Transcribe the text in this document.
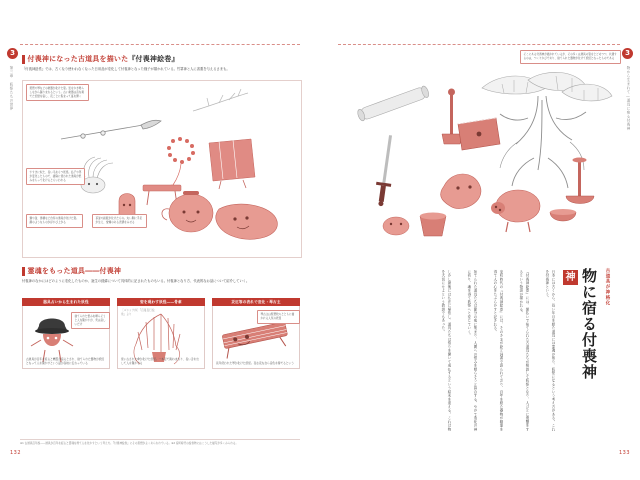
3
第三章 妖怪たちの世界
132
付喪神になった古道具を描いた『付喪神絵巻』
『付喪神絵巻』では、古くなり使われなくなった日用品が変化して付喪神となった様子が描かれている。竹箒神と人に害悪を与えるさまも。
琵琶や琴などの楽器が化けた姿。弦をかき鳴らしながら踊りまわるという。古い楽器は音を奏でた記憶を宿し、夜ごとに集まって宴を開く
すすきに似た、長い毛をもつ妖怪。払子や箒が変化したもので、掃除に使われた道具が恨みをもって化けるともいわれる
鍋や釜、湯桶など台所の道具が化けた姿。顔のようなものが浮かび上がる
茶釜や鉄瓶が化けたもの。丸い胴に手足が生え、愛嬌のある表情をみせる
霊魂をもった道具――付喪神
付喪神のなかにはどのように変化したものか、誕生の経緯について具体的に記されたものもいる。付喪神となり方、代表的なお話について紹介していく。
器具占いから生まれた妖怪
捨てられた恨みを晴らそうと人を驚かすが、実は寂しいだけ
古道具が百年を経ると精霊が宿るとされ、捨てられた器物が妖怪となって人を驚かすという話が各地に伝わっている
姿を現わす妖怪――骨傘
使い古された傘が化けた妖怪。一本足で跳ねまわり、長い舌を出して人を驚かせる
［ゴシック体］『百鬼夜行絵巻』より
災厄等の表れで変化・琴古主
琴古主は琵琶牧々とともに描かれる人気の妖怪
長年使われた琴が化けた妖怪。夜な夜な自ら音色を奏でるという
※1 古道具百年説――道具が百年を経ると霊魂を得て人を化かすという考え方。『付喪神絵巻』にその思想がよくあらわれている。※2 室町時代の絵巻物にはこうした描写が多くみられる。
3
物から生まれて―道具に宿る付喪神
133
そこにある付喪神が描かれているが、その多くは道具の姿をとどめつつ、共通するのは、つくりかびであり、捨てられた器物が化けて妖怪となったものである
古道具が神格化
物に宿る付喪神
神
日本には古くから、長い年月を経た道具には霊魂が宿り、妖怪になるという考え方がある。これを付喪神という。
『付喪神絵巻』には、煤払いで捨てられた古道具たちが相談して妖怪となり、人びとに復讐をするという物語が描かれる。
室町時代の『付喪神絵巻』には、そのさまが絵と詞書で語られており、百年を経た器物が精霊を得て人の心をたぶらかすと記される。
捨てられた道具たちは節分の夜に集まり、人間への恨みを晴らそうと談合する。やがて造化の神に祈り、魂を得て妖怪へと変じていく。
しかし最後には仏法に帰依し、道具たちは悟りを開いて成仏するという結末を迎える。これは物を大切にせよという教訓でもあった。
